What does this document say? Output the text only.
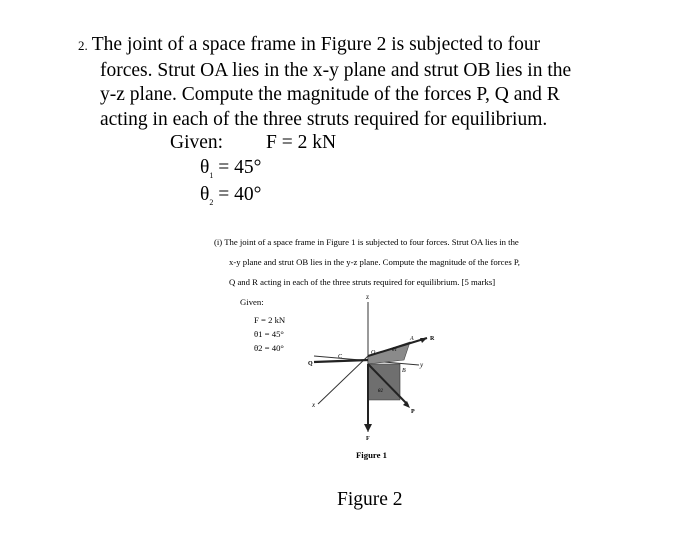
2. The joint of a space frame in Figure 2 is subjected to four
forces. Strut OA lies in the x-y plane and strut OB lies in the
y-z plane. Compute the magnitude of the forces P, Q and R
acting in each of the three struts required for equilibrium.
Given: F = 2 kN
$\theta_1 = 45^\circ$
$\theta_2 = 40^\circ$
(i) The joint of a space frame in Figure 1 is subjected to four forces. Strut OA lies in the
x-y plane and strut OB lies in the y-z plane. Compute the magnitude of the forces P,
Q and R acting in each of the three struts required for equilibrium. [5 marks]
Given:
F = 2 kN
θ1 = 45°
θ2 = 40°
z
y
x
O
A
B
C
Q
R
P
F
θ1
θ2
Figure 1
Figure 2
